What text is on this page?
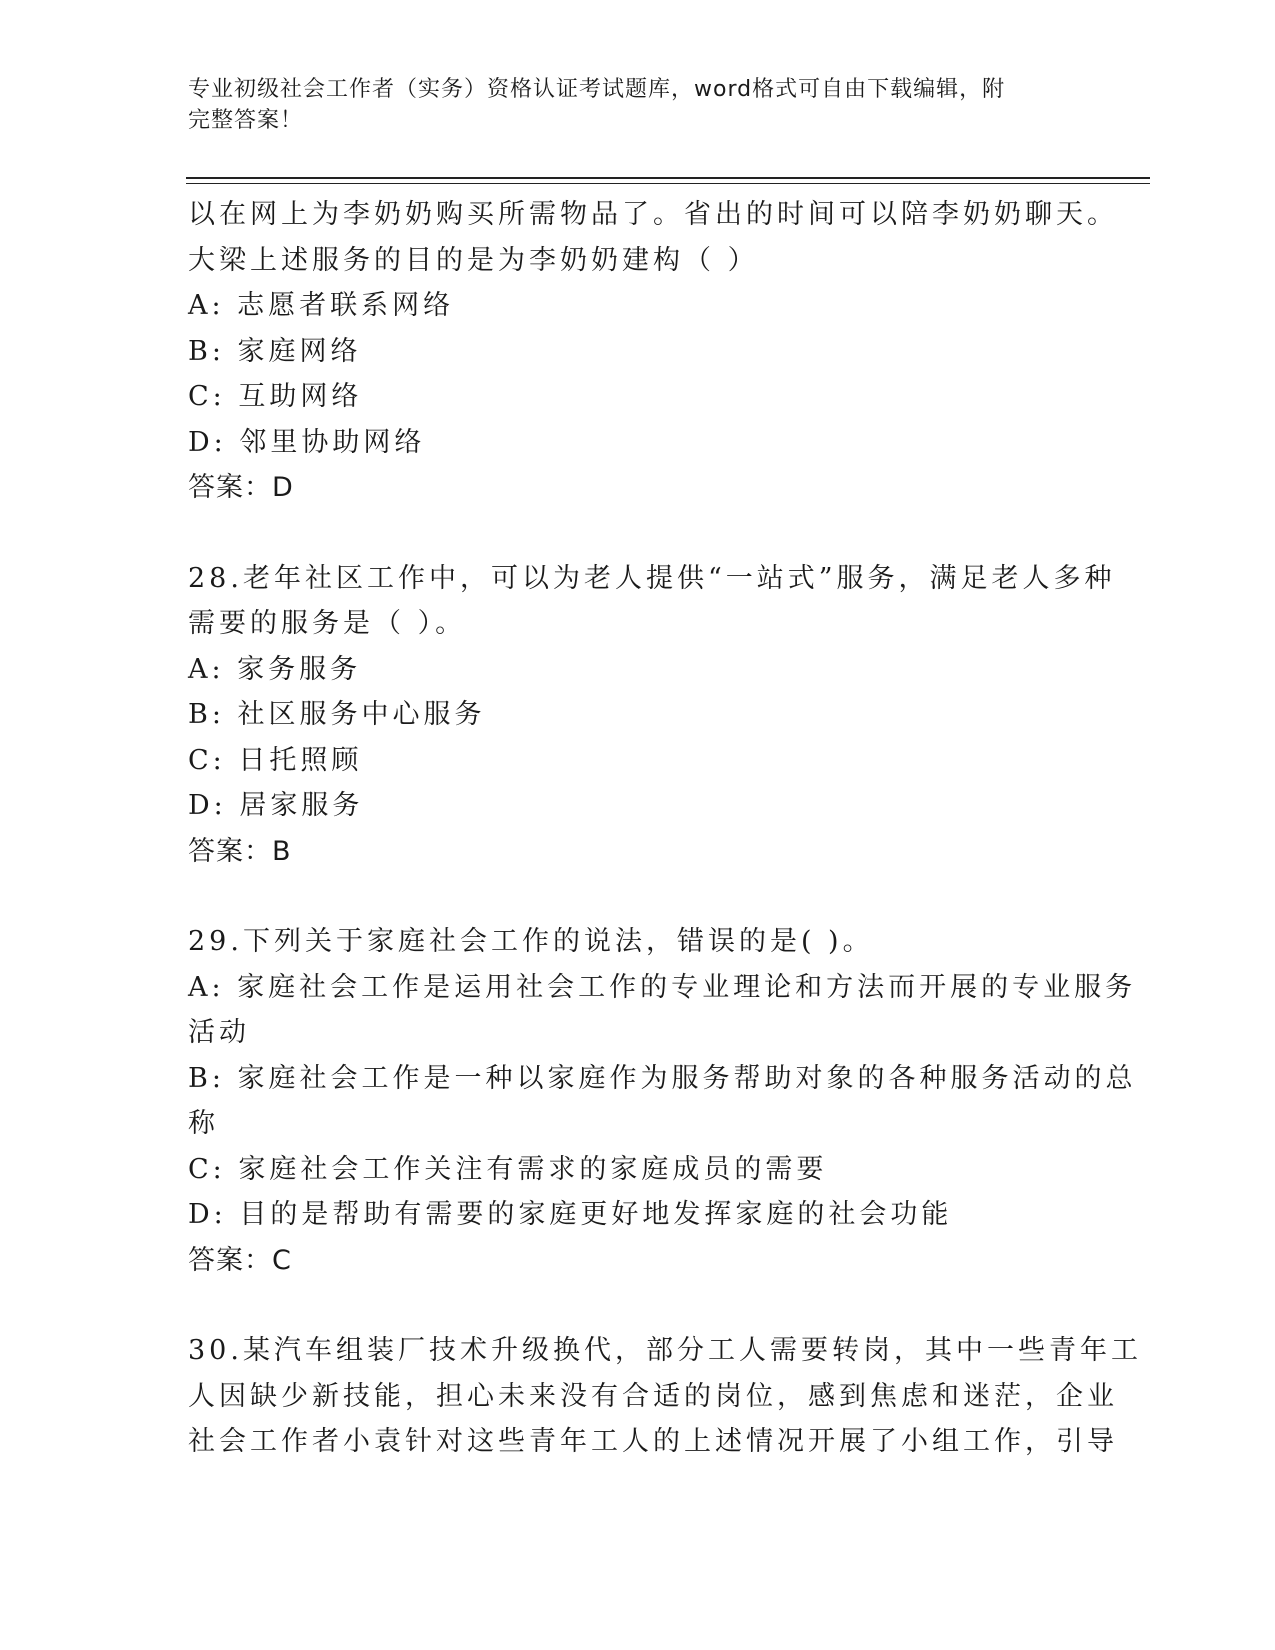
专业初级社会工作者（实务）资格认证考试题库，word格式可自由下载编辑，附
完整答案！
以在网上为李奶奶购买所需物品了。省出的时间可以陪李奶奶聊天。
大梁上述服务的目的是为李奶奶建构（ ）
A: 志愿者联系网络
B: 家庭网络
C: 互助网络
D: 邻里协助网络
答案：D
28.老年社区工作中，可以为老人提供“一站式”服务，满足老人多种
需要的服务是（ ）。
A: 家务服务
B: 社区服务中心服务
C: 日托照顾
D: 居家服务
答案：B
29.下列关于家庭社会工作的说法，错误的是( )。
A: 家庭社会工作是运用社会工作的专业理论和方法而开展的专业服务
活动
B: 家庭社会工作是一种以家庭作为服务帮助对象的各种服务活动的总
称
C: 家庭社会工作关注有需求的家庭成员的需要
D: 目的是帮助有需要的家庭更好地发挥家庭的社会功能
答案：C
30.某汽车组装厂技术升级换代，部分工人需要转岗，其中一些青年工
人因缺少新技能，担心未来没有合适的岗位，感到焦虑和迷茫，企业
社会工作者小袁针对这些青年工人的上述情况开展了小组工作，引导
